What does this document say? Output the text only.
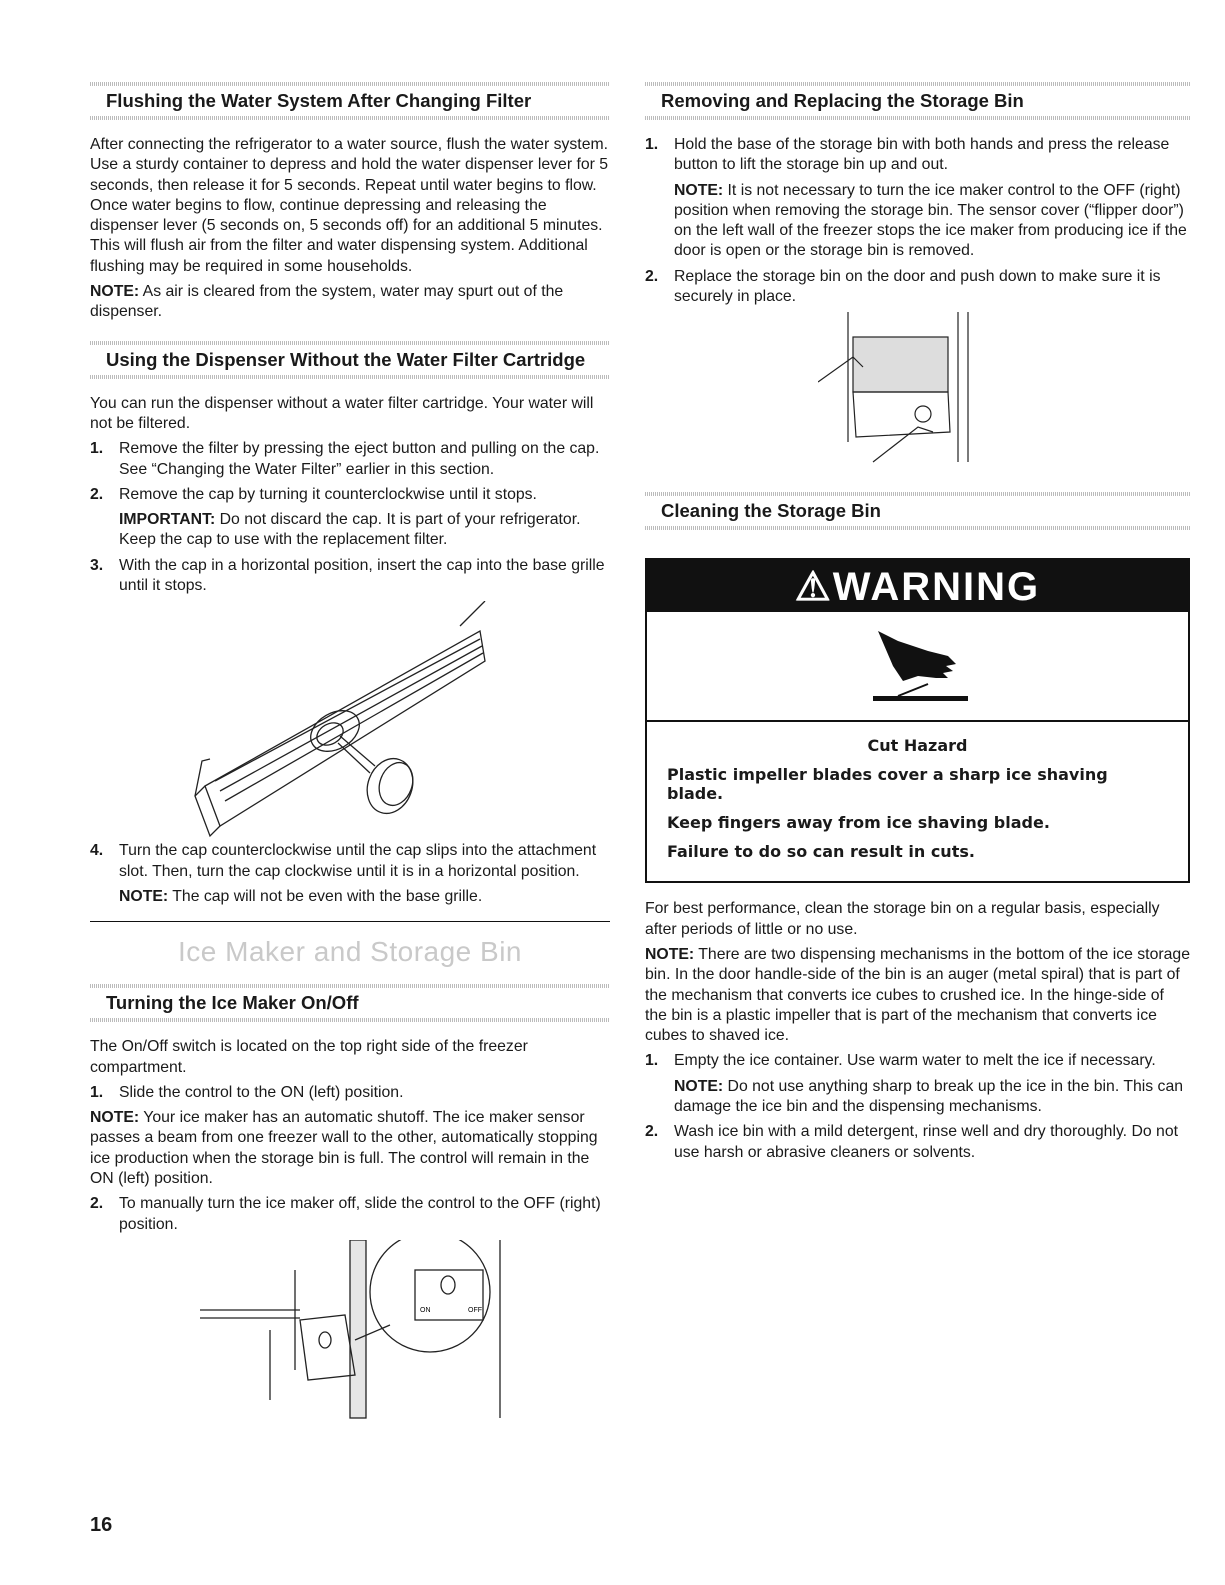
Flushing the Water System After Changing Filter

After connecting the refrigerator to a water source, flush the water system. Use a sturdy container to depress and hold the water dispenser lever for 5 seconds, then release it for 5 seconds. Repeat until water begins to flow. Once water begins to flow, continue depressing and releasing the dispenser lever (5 seconds on, 5 seconds off) for an additional 5 minutes. This will flush air from the filter and water dispensing system. Additional flushing may be required in some households.

NOTE: As air is cleared from the system, water may spurt out of the dispenser.

Using the Dispenser Without the Water Filter Cartridge

You can run the dispenser without a water filter cartridge. Your water will not be filtered.

1. Remove the filter by pressing the eject button and pulling on the cap. See “Changing the Water Filter” earlier in this section.
2. Remove the cap by turning it counterclockwise until it stops.
IMPORTANT: Do not discard the cap. It is part of your refrigerator. Keep the cap to use with the replacement filter.
3. With the cap in a horizontal position, insert the cap into the base grille until it stops.
4. Turn the cap counterclockwise until the cap slips into the attachment slot. Then, turn the cap clockwise until it is in a horizontal position.
NOTE: The cap will not be even with the base grille.
Ice Maker and Storage Bin
Turning the Ice Maker On/Off

The On/Off switch is located on the top right side of the freezer compartment.

1. Slide the control to the ON (left) position.

NOTE: Your ice maker has an automatic shutoff. The ice maker sensor passes a beam from one freezer wall to the other, automatically stopping ice production when the storage bin is full. The control will remain in the ON (left) position.

2. To manually turn the ice maker off, slide the control to the OFF (right) position.
ON	OFF
Removing and Replacing the Storage Bin
1. Hold the base of the storage bin with both hands and press the release button to lift the storage bin up and out.
NOTE: It is not necessary to turn the ice maker control to the OFF (right) position when removing the storage bin. The sensor cover (“flipper door”) on the left wall of the freezer stops the ice maker from producing ice if the door is open or the storage bin is removed.
2. Replace the storage bin on the door and push down to make sure it is securely in place.
Cleaning the Storage Bin
⚠WARNING
Cut Hazard
Plastic impeller blades cover a sharp ice shaving blade.
Keep fingers away from ice shaving blade.
Failure to do so can result in cuts.

For best performance, clean the storage bin on a regular basis, especially after periods of little or no use.

NOTE: There are two dispensing mechanisms in the bottom of the ice storage bin. In the door handle-side of the bin is an auger (metal spiral) that is part of the mechanism that converts ice cubes to crushed ice. In the hinge-side of the bin is a plastic impeller that is part of the mechanism that converts ice cubes to shaved ice.

1. Empty the ice container. Use warm water to melt the ice if necessary.
NOTE: Do not use anything sharp to break up the ice in the bin. This can damage the ice bin and the dispensing mechanisms.
2. Wash ice bin with a mild detergent, rinse well and dry thoroughly. Do not use harsh or abrasive cleaners or solvents.
16
